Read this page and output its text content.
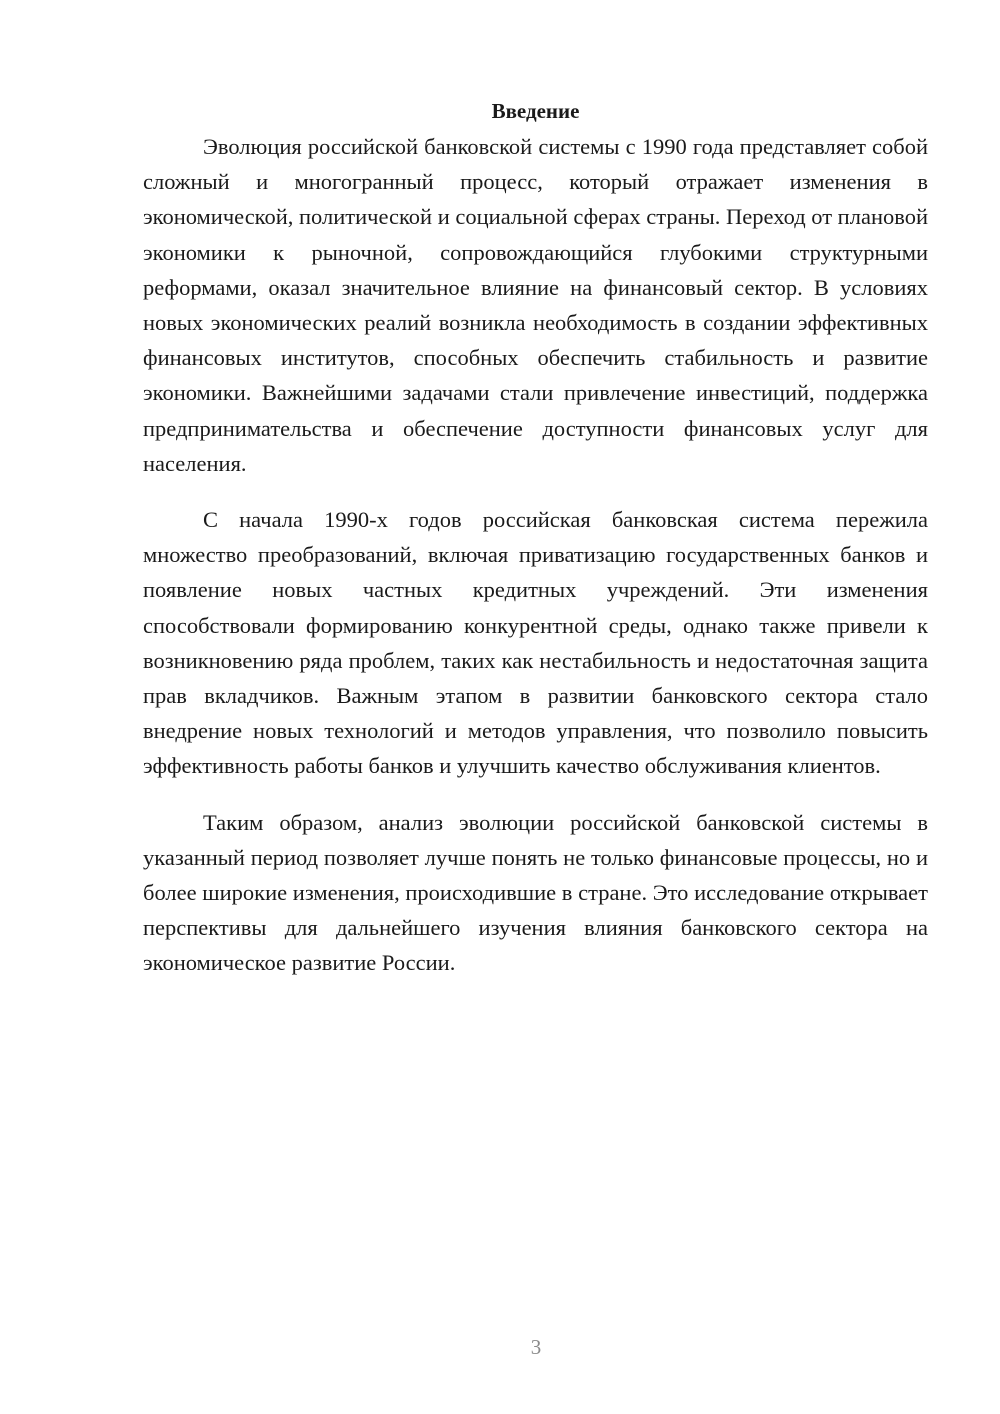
Введение

Эволюция российской банковской системы с 1990 года представляет собой сложный и многогранный процесс, который отражает изменения в экономической, политической и социальной сферах страны. Переход от плановой экономики к рыночной, сопровождающийся глубокими структурными реформами, оказал значительное влияние на финансовый сектор. В условиях новых экономических реалий возникла необходимость в создании эффективных финансовых институтов, способных обеспечить стабильность и развитие экономики. Важнейшими задачами стали привлечение инвестиций, поддержка предпринимательства и обеспечение доступности финансовых услуг для населения.

С начала 1990-х годов российская банковская система пережила множество преобразований, включая приватизацию государственных банков и появление новых частных кредитных учреждений. Эти изменения способствовали формированию конкурентной среды, однако также привели к возникновению ряда проблем, таких как нестабильность и недостаточная защита прав вкладчиков. Важным этапом в развитии банковского сектора стало внедрение новых технологий и методов управления, что позволило повысить эффективность работы банков и улучшить качество обслуживания клиентов.

Таким образом, анализ эволюции российской банковской системы в указанный период позволяет лучше понять не только финансовые процессы, но и более широкие изменения, происходившие в стране. Это исследование открывает перспективы для дальнейшего изучения влияния банковского сектора на экономическое развитие России.

3
